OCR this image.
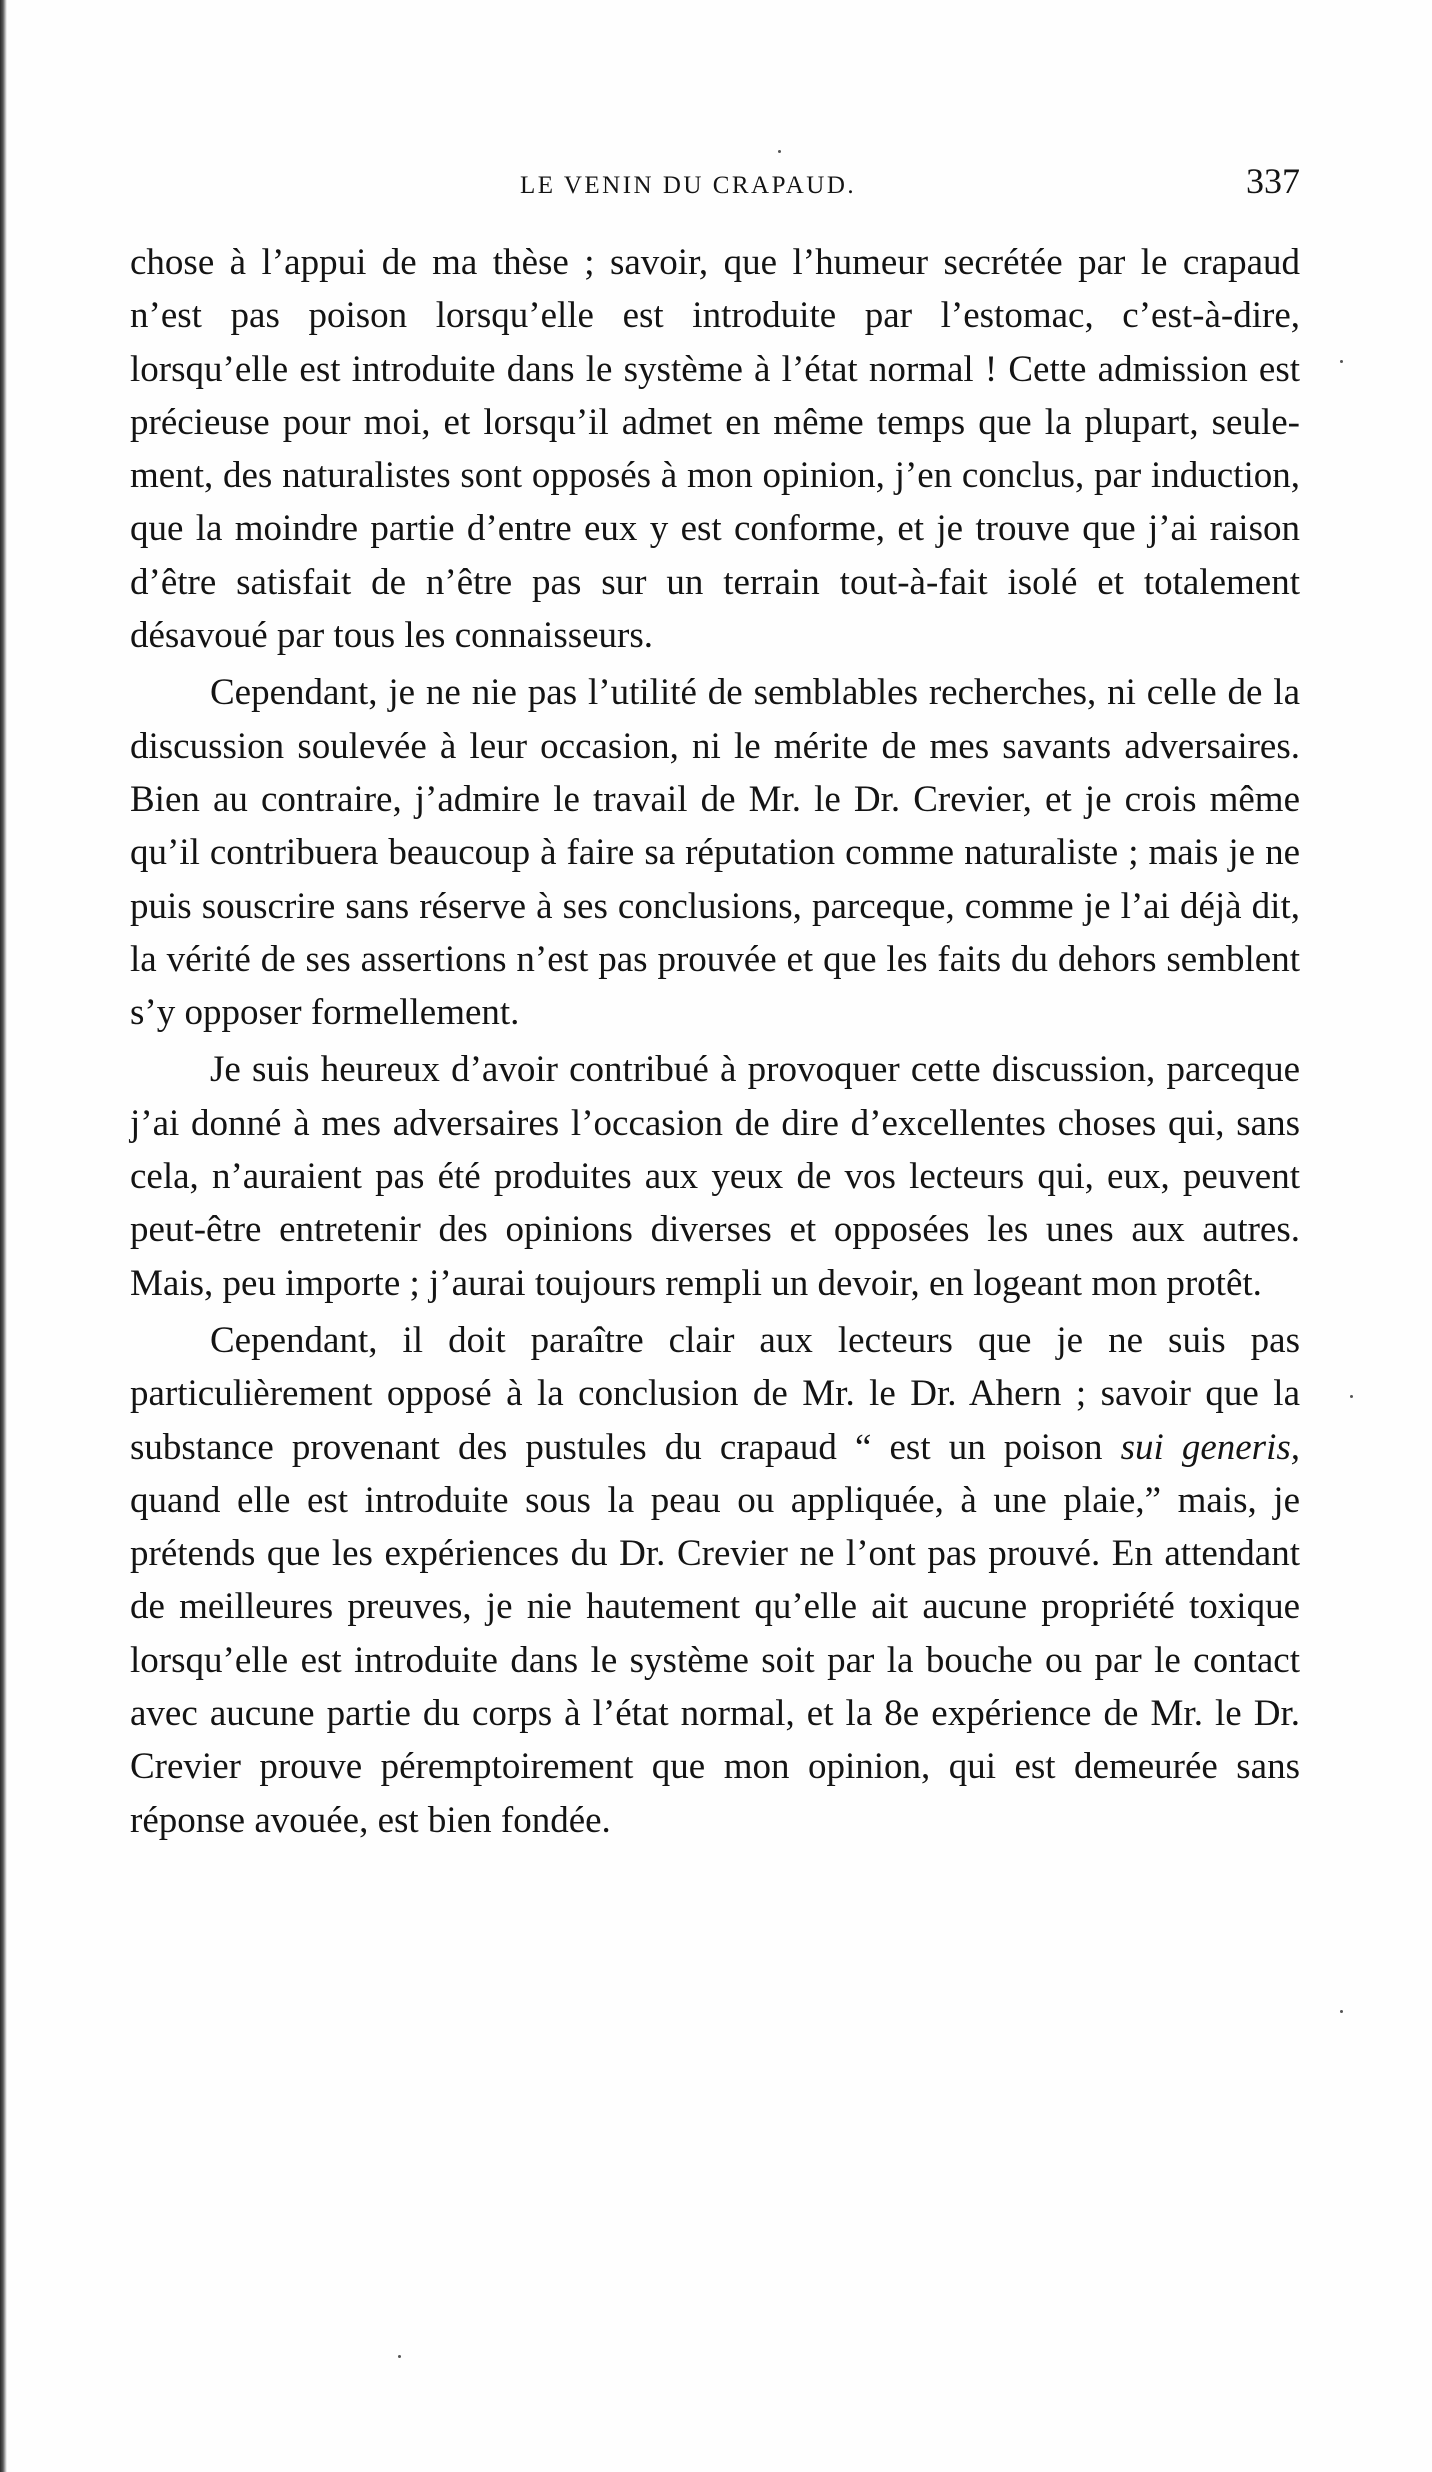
LE VENIN DU CRAPAUD.	337

chose à l’appui de ma thèse ; savoir, que l’humeur secrétée par le crapaud n’est pas poison lorsqu’elle est introduite par l’estomac, c’est-à-dire, lorsqu’elle est introduite dans le système à l’état normal ! Cette admission est précieuse pour moi, et lorsqu’il admet en même temps que la plupart, seulement, des naturalistes sont opposés à mon opinion, j’en conclus, par induction, que la moindre partie d’entre eux y est conforme, et je trouve que j’ai raison d’être satisfait de n’être pas sur un terrain tout-à-fait isolé et totalement désavoué par tous les connaisseurs.

Cependant, je ne nie pas l’utilité de semblables recherches, ni celle de la discussion soulevée à leur occasion, ni le mérite de mes savants adversaires. Bien au contraire, j’admire le travail de Mr. le Dr. Crevier, et je crois même qu’il contribuera beaucoup à faire sa réputation comme naturaliste ; mais je ne puis souscrire sans réserve à ses conclusions, parceque, comme je l’ai déjà dit, la vérité de ses assertions n’est pas prouvée et que les faits du dehors semblent s’y opposer formellement.

Je suis heureux d’avoir contribué à provoquer cette discussion, parceque j’ai donné à mes adversaires l’occasion de dire d’excellentes choses qui, sans cela, n’auraient pas été produites aux yeux de vos lecteurs qui, eux, peuvent peut-être entretenir des opinions diverses et opposées les unes aux autres. Mais, peu importe ; j’aurai toujours rempli un devoir, en logeant mon protêt.

Cependant, il doit paraître clair aux lecteurs que je ne suis pas particulièrement opposé à la conclusion de Mr. le Dr. Ahern ; savoir que la substance provenant des pustules du crapaud “ est un poison sui generis, quand elle est introduite sous la peau ou appliquée, à une plaie,” mais, je prétends que les expériences du Dr. Crevier ne l’ont pas prouvé. En attendant de meilleures preuves, je nie hautement qu’elle ait aucune propriété toxique lorsqu’elle est introduite dans le système soit par la bouche ou par le contact avec aucune partie du corps à l’état normal, et la 8e expérience de Mr. le Dr. Crevier prouve péremptoirement que mon opinion, qui est demeurée sans réponse avouée, est bien fondée.
